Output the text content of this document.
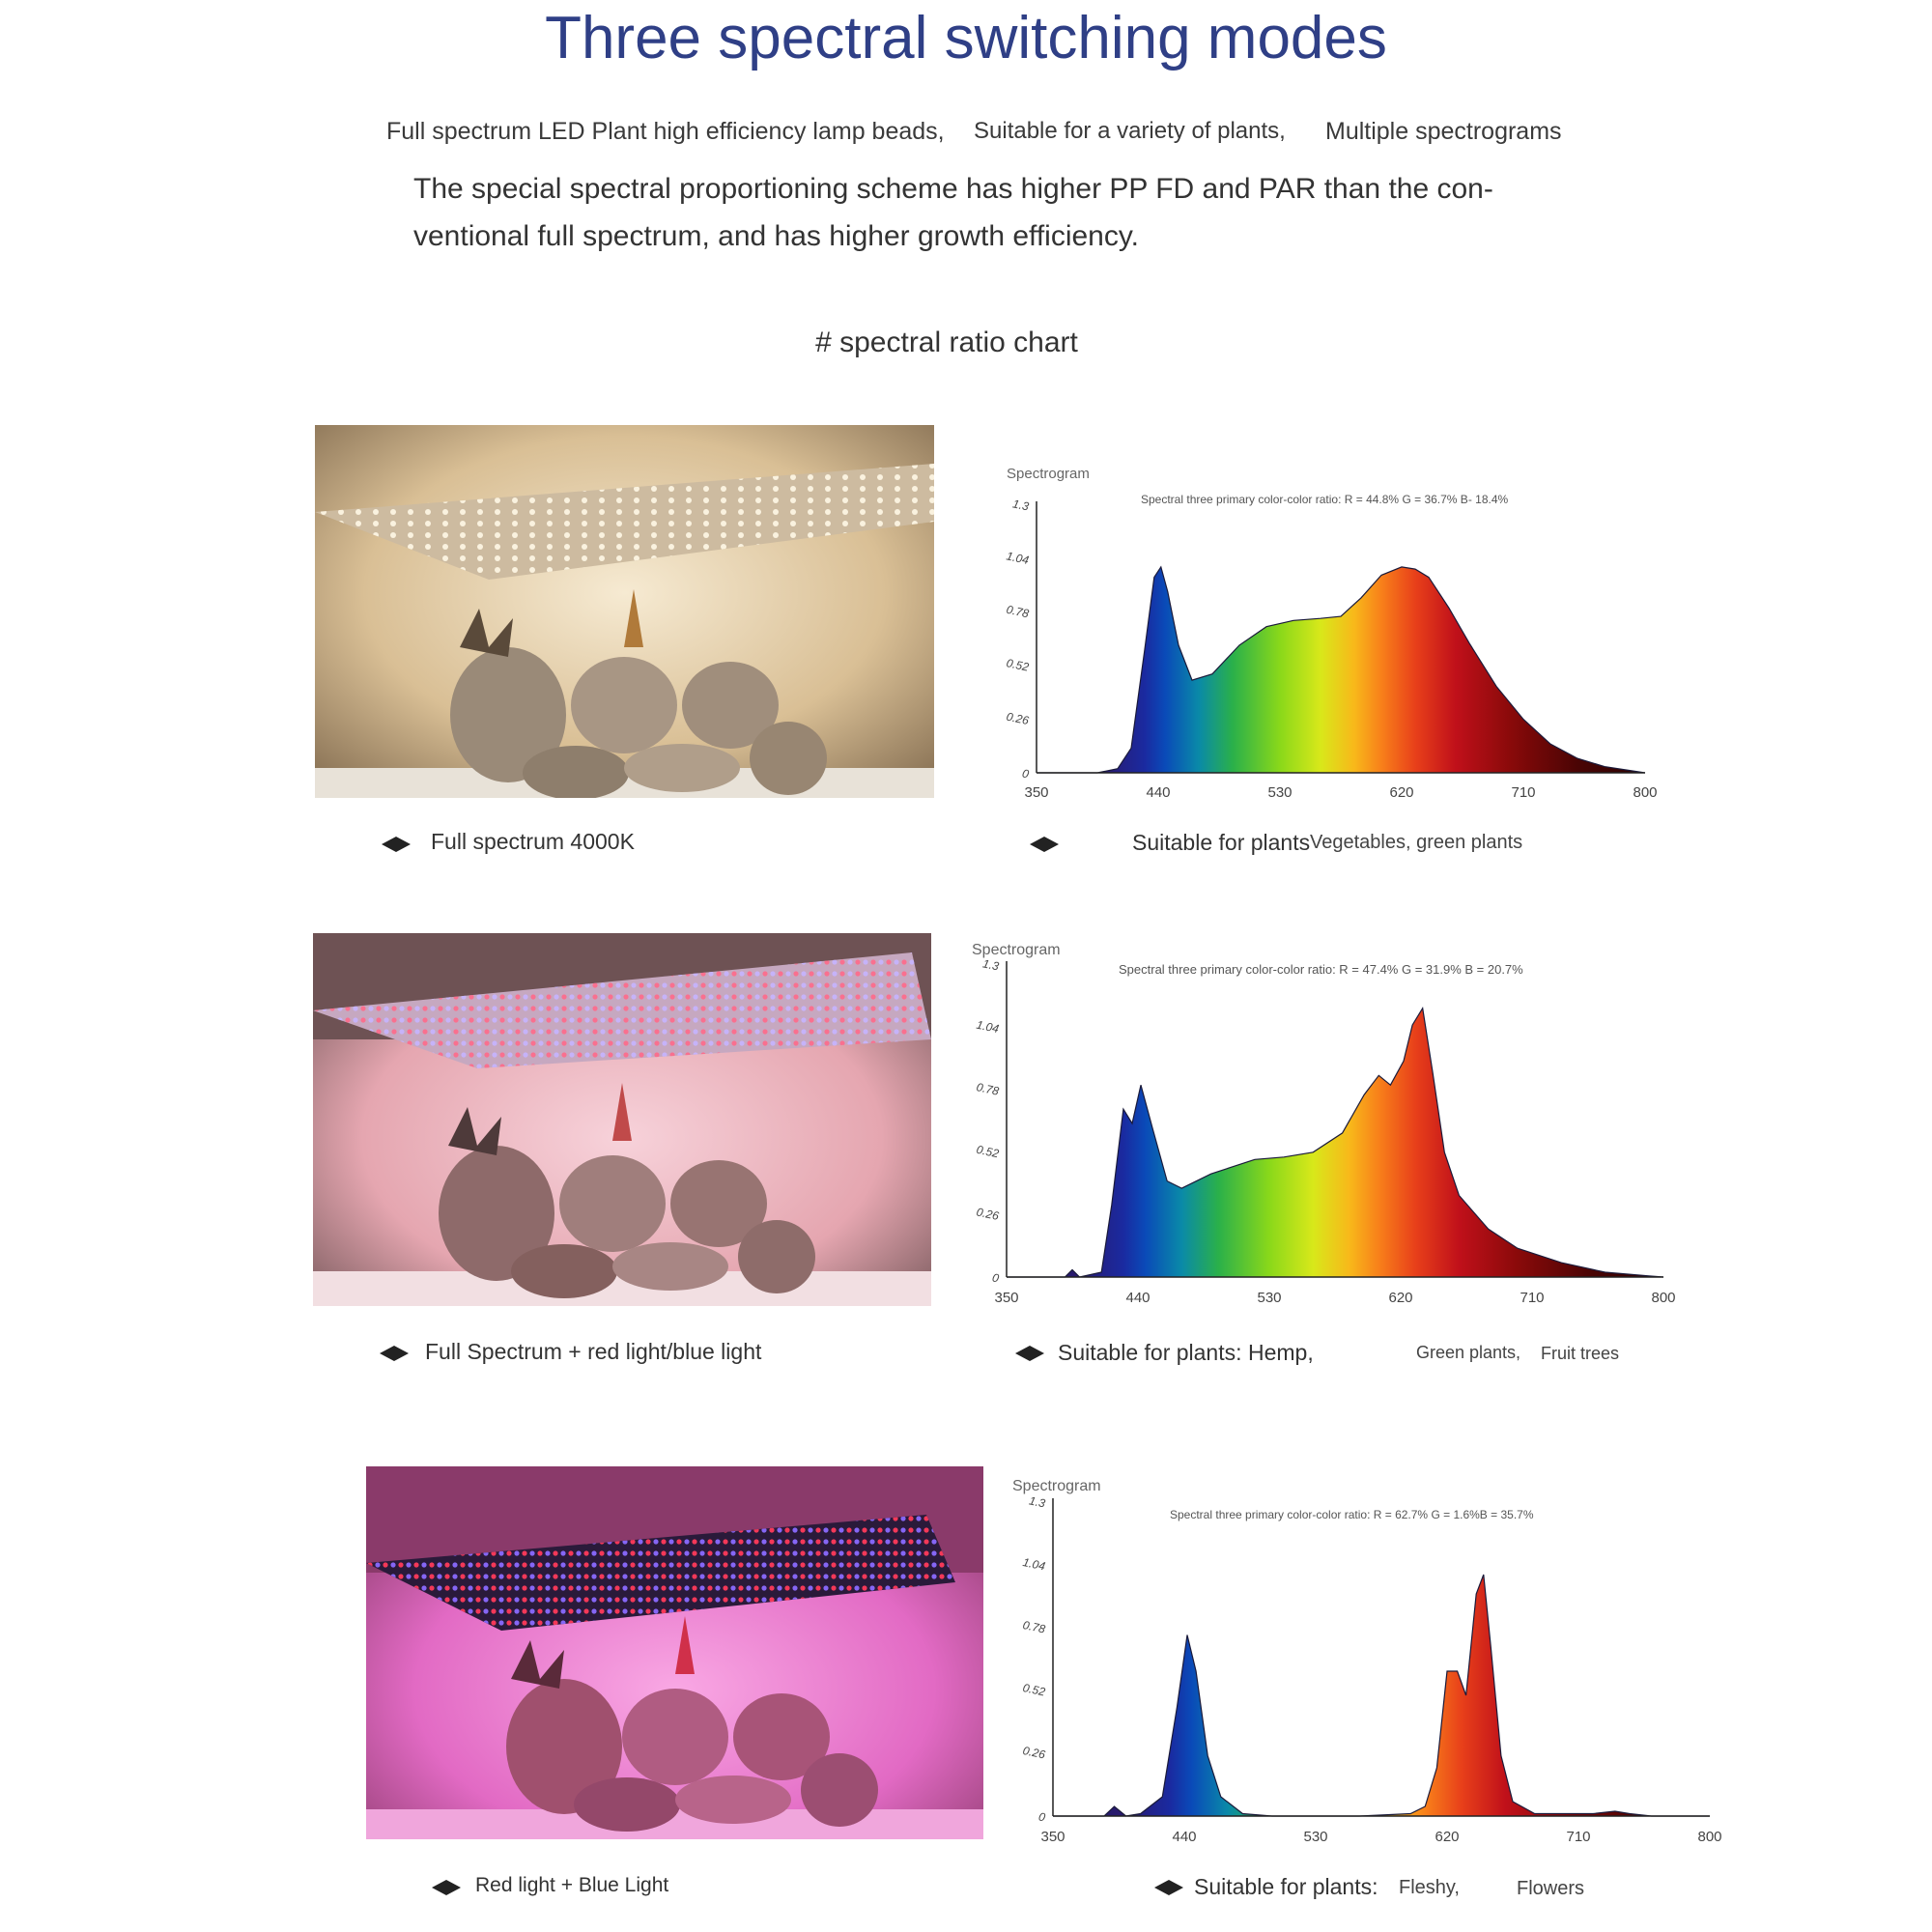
Three spectral switching modes
Full spectrum LED Plant high efficiency lamp beads, Suitable for a variety of plants, Multiple spectrograms
The special spectral proportioning scheme has higher PP FD and PAR than the con-
ventional full spectrum, and has higher growth efficiency.
# spectral ratio chart
0
0.26
0.52
0.78
1.04
1.3
350	440	530	620	710	800
Spectrogram
Spectral three primary color-color ratio: R = 44.8% G = 36.7% B- 18.4%
Full spectrum 4000K	Suitable for plants Vegetables, green plants
0
0.26
0.52
0.78
1.04
1.3
350	440	530	620	710	800
Spectrogram
Spectral three primary color-color ratio: R = 47.4% G = 31.9% B = 20.7%
Full Spectrum + red light/blue light	Suitable for plants: Hemp,	Green plants, Fruit trees
0
0.26
0.52
0.78
1.04
1.3
350	440	530	620	710	800
Spectrogram
Spectral three primary color-color ratio: R = 62.7% G = 1.6%B = 35.7%
Red light + Blue Light	Suitable for plants: Fleshy,	Flowers
